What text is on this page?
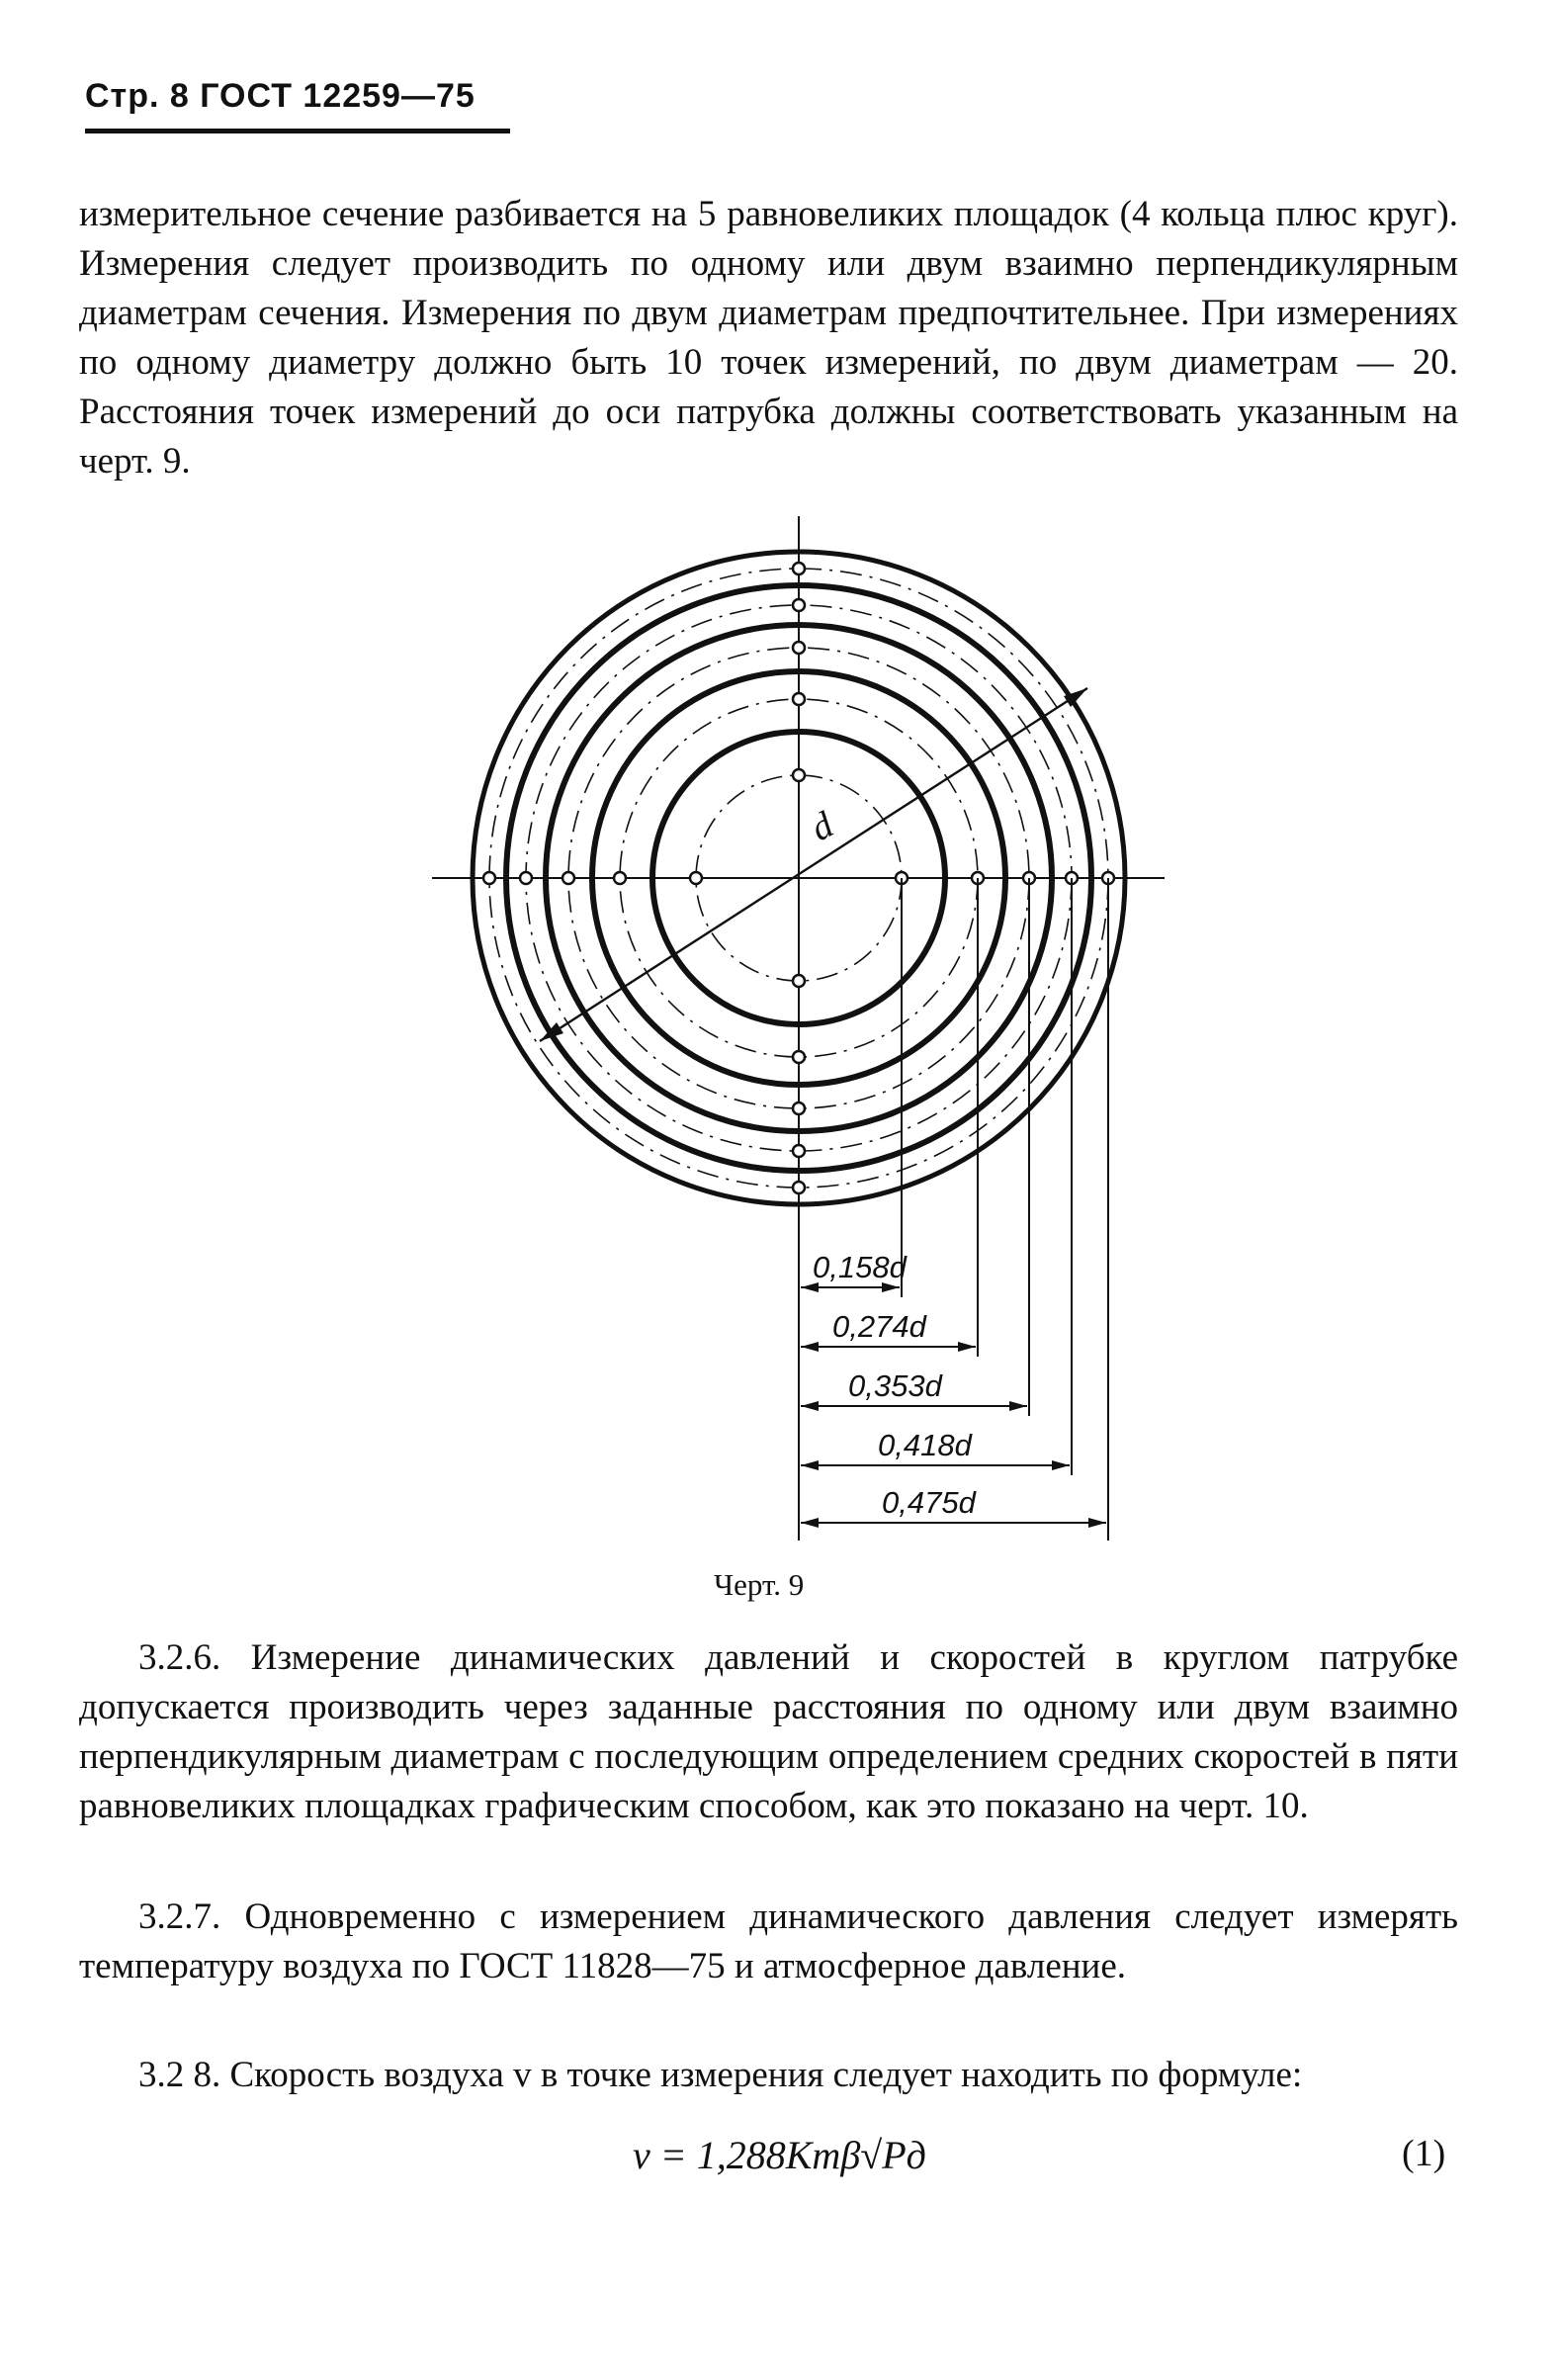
Стр. 8 ГОСТ 12259—75

измерительное сечение разбивается на 5 равновеликих площадок (4 кольца плюс круг). Измерения следует производить по одному или двум взаимно перпендикулярным диаметрам сечения. Измерения по двум диаметрам предпочтительнее. При измерениях по одному диаметру должно быть 10 точек измерений, по двум диаметрам — 20. Расстояния точек измерений до оси патрубка должны соответствовать указанным на черт. 9.

d
0,158d
0,274d
0,353d
0,418d
0,475d
Черт. 9

3.2.6. Измерение динамических давлений и скоростей в круглом патрубке допускается производить через заданные расстояния по одному или двум взаимно перпендикулярным диаметрам с последующим определением средних скоростей в пяти равновеликих площадках графическим способом, как это показано на черт. 10.

3.2.7. Одновременно с измерением динамического давления следует измерять температуру воздуха по ГОСТ 11828—75 и атмосферное давление.

3.2 8. Скорость воздуха v в точке измерения следует находить по формуле:

v = 1,288Kтβ√Pд	(1)
